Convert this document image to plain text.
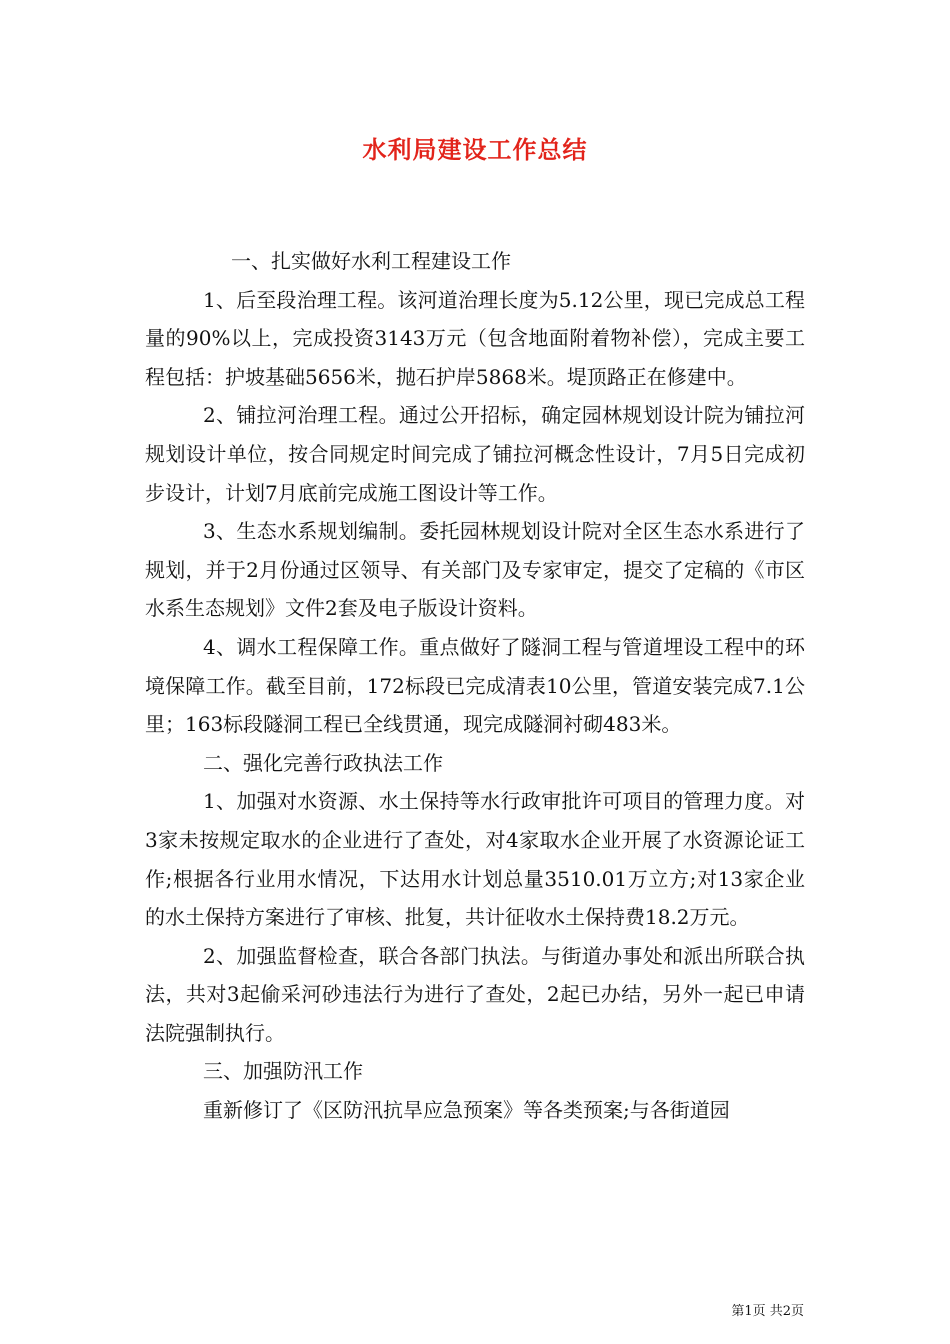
水利局建设工作总结

一、扎实做好水利工程建设工作

1、后至段治理工程。该河道治理长度为5.12公里，现已完成总工程量的90%以上，完成投资3143万元（包含地面附着物补偿），完成主要工程包括：护坡基础5656米，抛石护岸5868米。堤顶路正在修建中。

2、铺拉河治理工程。通过公开招标，确定园林规划设计院为铺拉河规划设计单位，按合同规定时间完成了铺拉河概念性设计，7月5日完成初步设计，计划7月底前完成施工图设计等工作。

3、生态水系规划编制。委托园林规划设计院对全区生态水系进行了规划，并于2月份通过区领导、有关部门及专家审定，提交了定稿的《市区水系生态规划》文件2套及电子版设计资料。

4、调水工程保障工作。重点做好了隧洞工程与管道埋设工程中的环境保障工作。截至目前，172标段已完成清表10公里，管道安装完成7.1公里；163标段隧洞工程已全线贯通，现完成隧洞衬砌483米。

二、强化完善行政执法工作

1、加强对水资源、水土保持等水行政审批许可项目的管理力度。对3家未按规定取水的企业进行了查处，对4家取水企业开展了水资源论证工作;根据各行业用水情况，下达用水计划总量3510.01万立方;对13家企业的水土保持方案进行了审核、批复，共计征收水土保持费18.2万元。

2、加强监督检查，联合各部门执法。与街道办事处和派出所联合执法，共对3起偷采河砂违法行为进行了查处，2起已办结，另外一起已申请法院强制执行。

三、加强防汛工作

重新修订了《区防汛抗旱应急预案》等各类预案;与各街道园

第1页 共2页
